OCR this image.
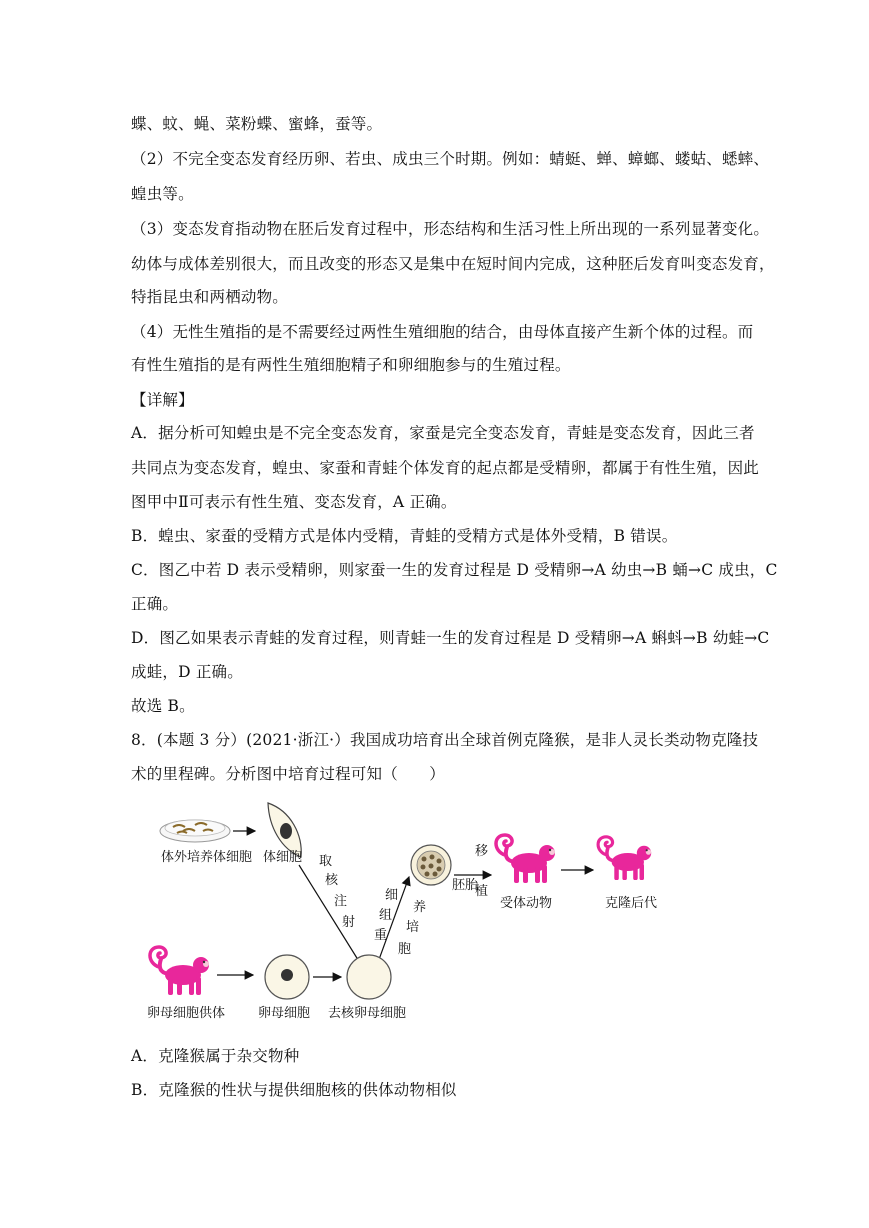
蝶、蚊、蝇、菜粉蝶、蜜蜂，蚕等。
（2）不完全变态发育经历卵、若虫、成虫三个时期。例如：蜻蜓、蝉、蟑螂、蝼蛄、蟋蟀、
蝗虫等。
（3）变态发育指动物在胚后发育过程中，形态结构和生活习性上所出现的一系列显著变化。
幼体与成体差别很大，而且改变的形态又是集中在短时间内完成，这种胚后发育叫变态发育，
特指昆虫和两栖动物。
（4）无性生殖指的是不需要经过两性生殖细胞的结合，由母体直接产生新个体的过程。而
有性生殖指的是有两性生殖细胞精子和卵细胞参与的生殖过程。
【详解】
A．据分析可知蝗虫是不完全变态发育，家蚕是完全变态发育，青蛙是变态发育，因此三者
共同点为变态发育，蝗虫、家蚕和青蛙个体发育的起点都是受精卵，都属于有性生殖，因此
图甲中Ⅱ可表示有性生殖、变态发育，A 正确。
B．蝗虫、家蚕的受精方式是体内受精，青蛙的受精方式是体外受精，B 错误。
C．图乙中若 D 表示受精卵，则家蚕一生的发育过程是 D 受精卵→A 幼虫→B 蛹→C 成虫，C
正确。
D．图乙如果表示青蛙的发育过程，则青蛙一生的发育过程是 D 受精卵→A 蝌蚪→B 幼蛙→C
成蛙，D 正确。
故选 B。
8．(本题 3 分）(2021·浙江·）我国成功培育出全球首例克隆猴，是非人灵长类动物克隆技
术的里程碑。分析图中培育过程可知（　　）
体外培养体细胞 体细胞 取
核
注
射
细
组
重
养
培
胞
胚胎
移
植
受体动物	克隆后代
卵母细胞供体	卵母细胞 去核卵母细胞
A．克隆猴属于杂交物种
B．克隆猴的性状与提供细胞核的供体动物相似
